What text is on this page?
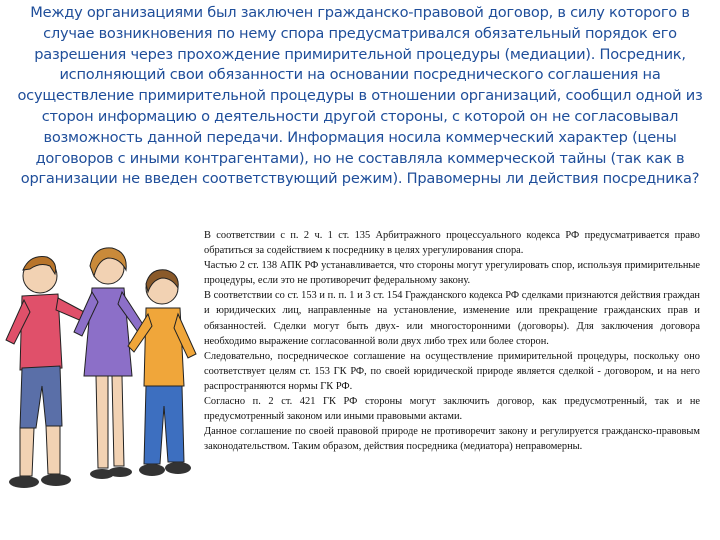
Между организациями был заключен гражданско-правовой договор, в силу которого в случае возникновения по нему спора предусматривался обязательный порядок его разрешения через прохождение примирительной процедуры (медиации). Посредник, исполняющий свои обязанности на основании посреднического соглашения на осуществление примирительной процедуры в отношении организаций, сообщил одной из сторон информацию о деятельности другой стороны, с которой он не согласовывал возможность данной передачи. Информация носила коммерческий характер (цены договоров с иными контрагентами), но не составляла коммерческой тайны (так как в организации не введен соответствующий режим). Правомерны ли действия посредника?

В соответствии с п. 2 ч. 1 ст. 135 Арбитражного процессуального кодекса РФ предусматривается право обратиться за содействием к посреднику в целях урегулирования спора.

Частью 2 ст. 138 АПК РФ устанавливается, что стороны могут урегулировать спор, используя примирительные процедуры, если это не противоречит федеральному закону.

В соответствии со ст. 153 и п. п. 1 и 3 ст. 154 Гражданского кодекса РФ сделками признаются действия граждан и юридических лиц, направленные на установление, изменение или прекращение гражданских прав и обязанностей. Сделки могут быть двух- или многосторонними (договоры). Для заключения договора необходимо выражение согласованной воли двух либо трех или более сторон.

Следовательно, посредническое соглашение на осуществление примирительной процедуры, поскольку оно соответствует целям ст. 153 ГК РФ, по своей юридической природе является сделкой - договором, и на него распространяются нормы ГК РФ.

Согласно п. 2 ст. 421 ГК РФ стороны могут заключить договор, как предусмотренный, так и не предусмотренный законом или иными правовыми актами.

Данное соглашение по своей правовой природе не противоречит закону и регулируется гражданско-правовым законодательством. Таким образом, действия посредника (медиатора) неправомерны.
